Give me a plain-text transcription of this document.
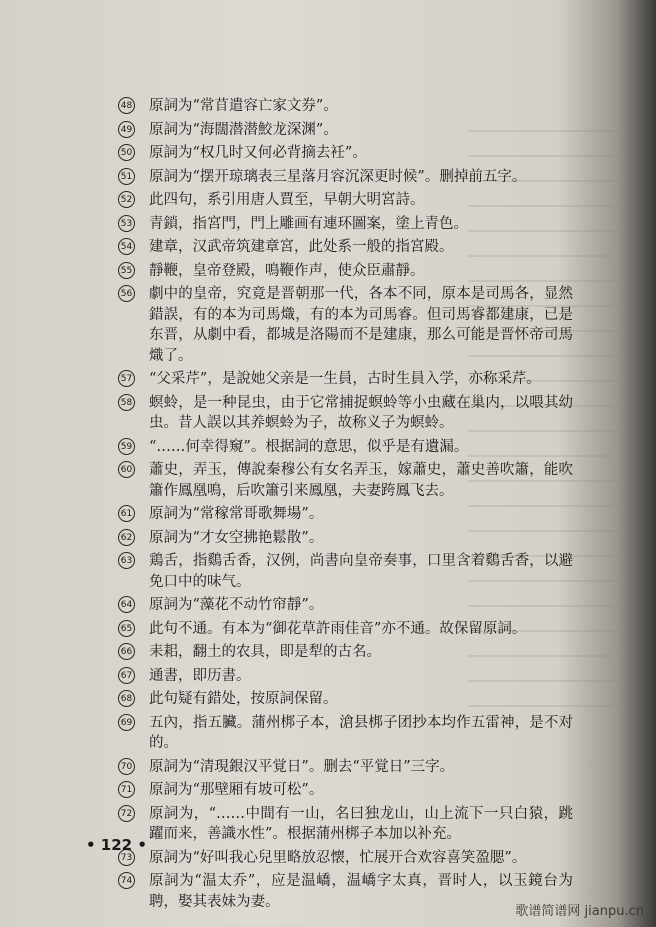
48 原詞为“常苜遣容亡家文券”。
49 原詞为“海闊潜潜鮫龙深渊”。
50 原詞为“权几时又何必背摘去衽”。
51 原詞为“摆开琼璃表三星落月容沉深更时候”。删掉前五字。
52 此四句，系引用唐人賈至，早朝大明宮詩。
53 青鎖，指宮門，門上雕画有連环圖案，塗上青色。
54 建章，汉武帝筑建章宮，此处系一般的指宮殿。
55 靜鞭，皇帝登殿，鳴鞭作声，使众臣肅靜。
56 劇中的皇帝，究竟是晋朝那一代，各本不同，原本是司馬各，显然錯誤，有的本为司馬熾，有的本为司馬睿。但司馬睿都建康，已是东晋，从劇中看，都城是洛陽而不是建康，那么可能是晋怀帝司馬熾了。
57 “父采芹”，是說她父亲是一生員，古时生員入学，亦称采芹。
58 螟蛉，是一种昆虫，由于它常捕捉螟蛉等小虫藏在巢内，以喂其幼虫。昔人誤以其养螟蛉为子，故称义子为螟蛉。
59 “……何幸得窺”。根据詞的意思，似乎是有遺漏。
60 蕭史，弄玉，傳說秦穆公有女名弄玉，嫁蕭史，蕭史善吹簫，能吹簫作鳳凰鳴，后吹簫引来鳳凰，夫妻跨鳳飞去。
61 原詞为“常稼常哥歌舞場”。
62 原詞为“才女空拂艳鬆散”。
63 鶏舌，指鷄舌香，汉例，尚書向皇帝奏事，口里含着鷄舌香，以避免口中的味气。
64 原詞为“藻花不动竹帘靜”。
65 此句不通。有本为“御花草許雨佳音”亦不通。故保留原詞。
66 耒耜，翻土的农具，即是犁的古名。
67 通書，即历書。
68 此句疑有錯处，按原詞保留。
69 五內，指五臟。蒲州梆子本，滄县梆子团抄本均作五雷神，是不对的。
70 原詞为“清現銀汉平覚日”。删去“平覚日”三字。
71 原詞为“那壁厢有坡可松”。
72 原詞为，“……中間有一山，名曰独龙山，山上流下一只白猿，跳躍而来，善識水性”。根据蒲州梆子本加以补充。
73 原詞为“好叫我心兒里略放忍懐，忙展开合欢容喜笑盈腮”。
74 原詞为“温太乔”，应是温嶠，温嶠字太真，晋时人，以玉鏡台为聘，娶其表妹为妻。
• 122 •
歌谱简谱网 jianpu.cn
